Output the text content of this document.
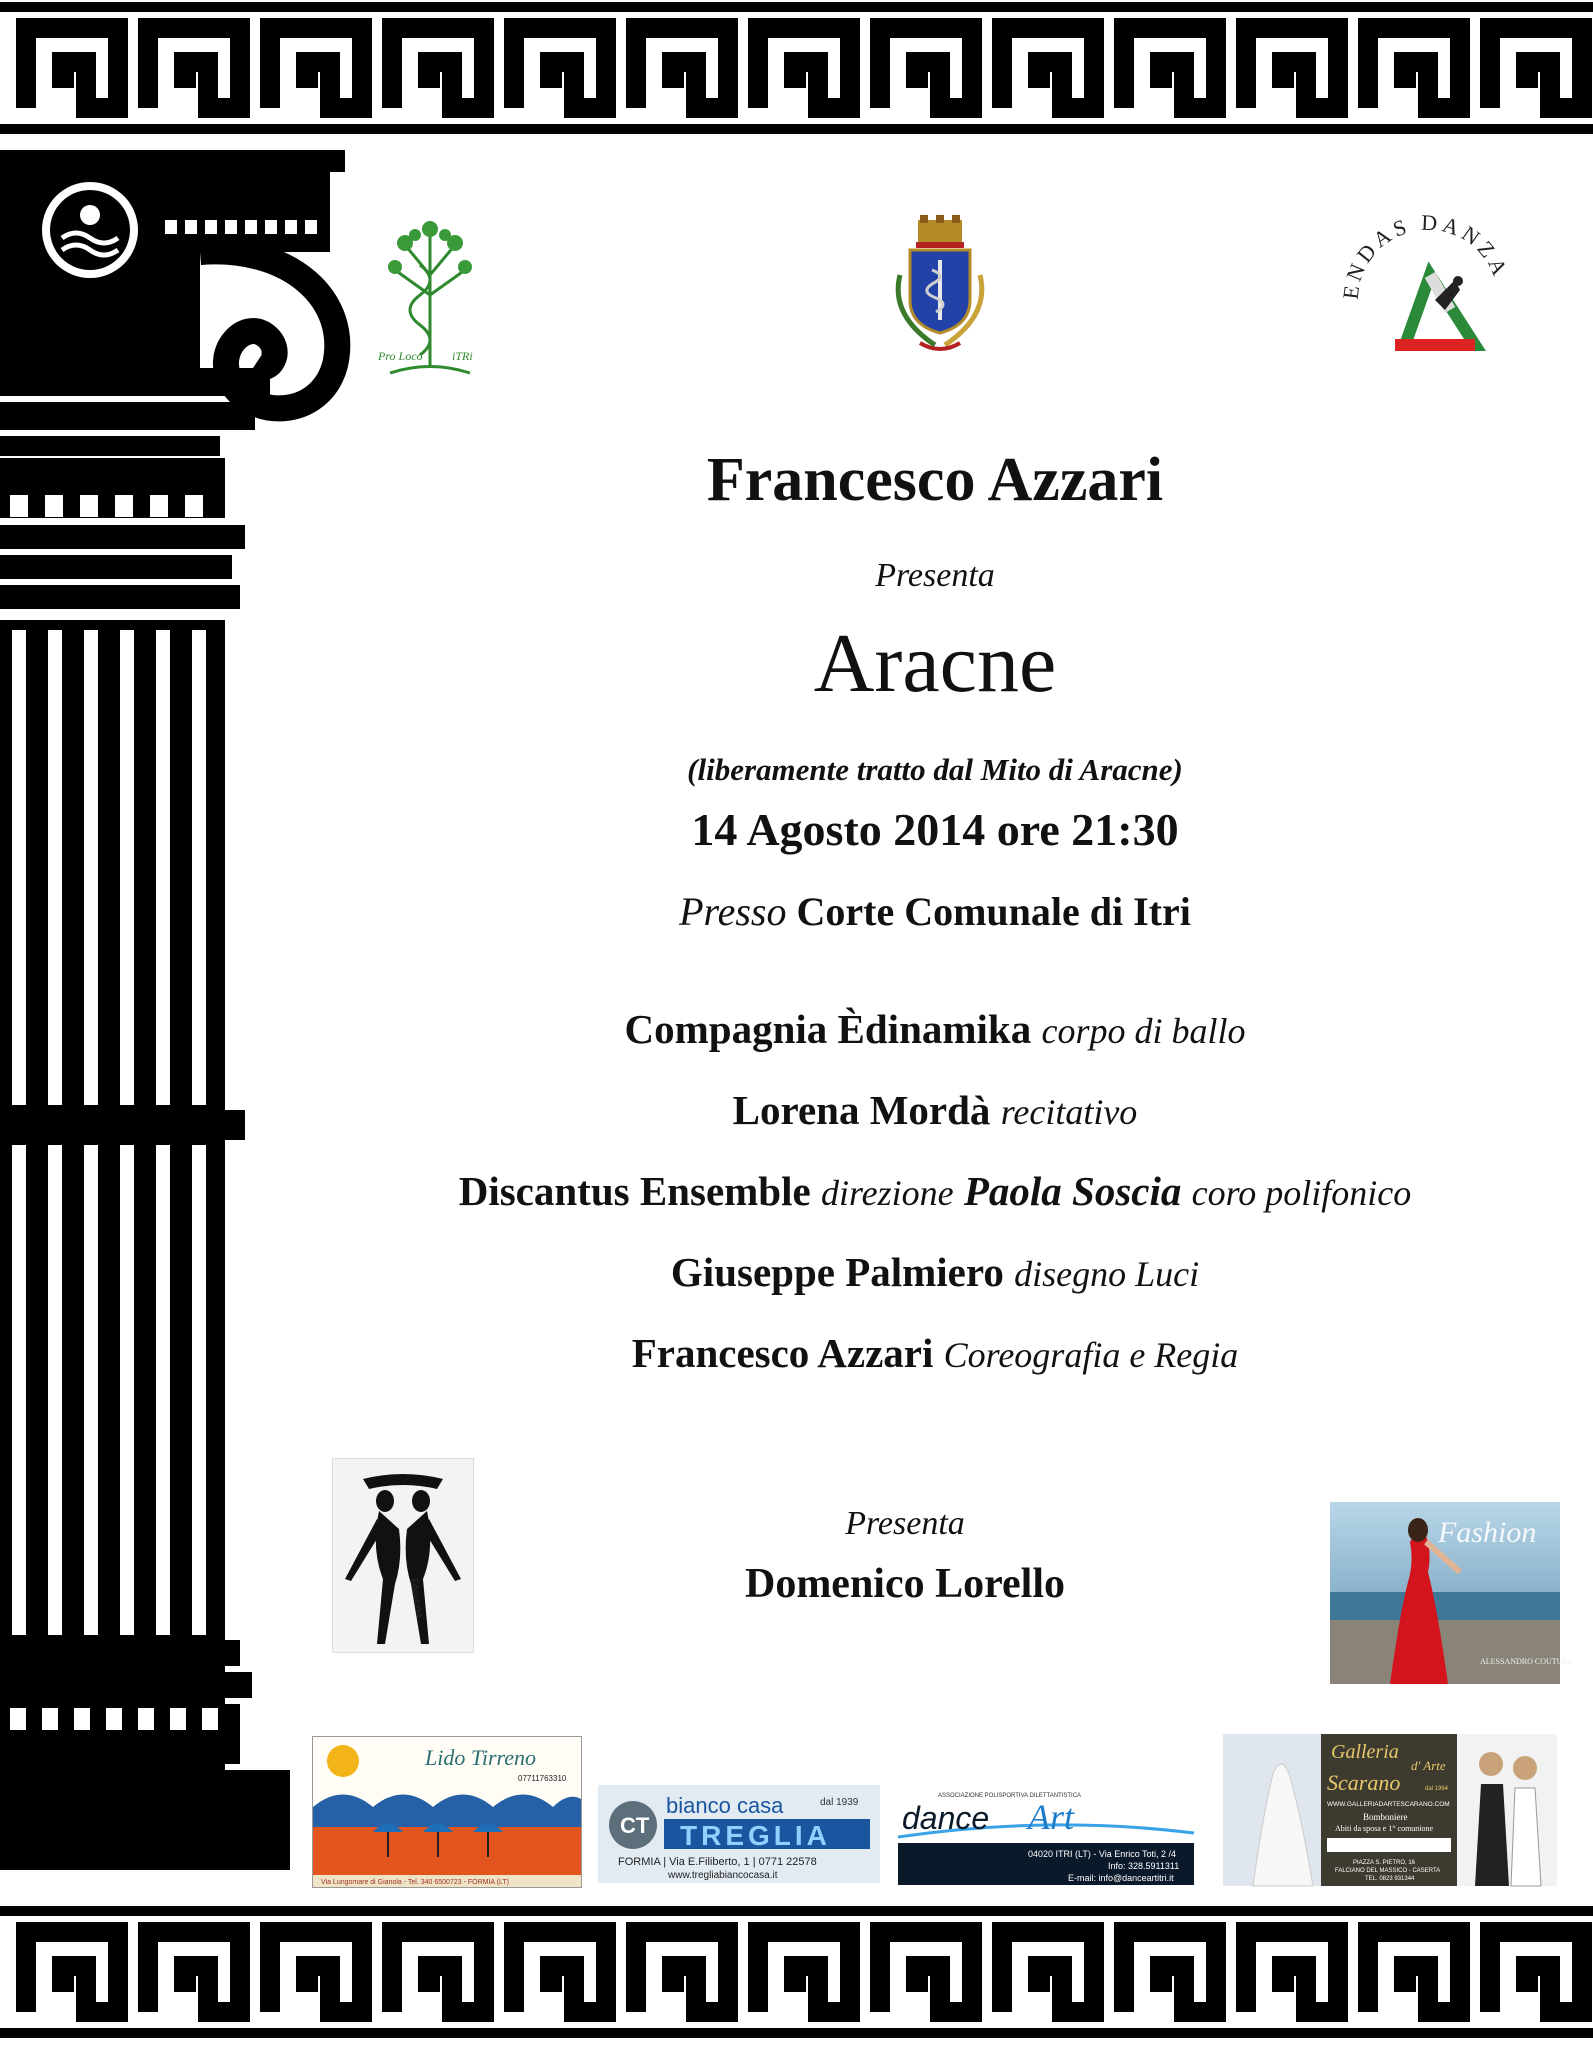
Pro Loco iTRi
ENDAS DANZA
Francesco Azzari
Presenta
Aracne
(liberamente tratto dal Mito di Aracne)
14 Agosto 2014 ore 21:30
Presso Corte Comunale di Itri
Compagnia Èdinamika corpo di ballo
Lorena Mordà recitativo
Discantus Ensemble direzione Paola Soscia coro polifonico
Giuseppe Palmiero disegno Luci
Francesco Azzari Coreografia e Regia
Presenta
Domenico Lorello
Édinamika
Fashion
ALESSANDRO COUTURE
Lido Tirreno
07711763310
Via Lungomare di Gianola - Tel. 340 6500723 - FORMIA (LT)
CT
bianco casa
TREGLIA
dal 1939
FORMIA | Via E.Filiberto, 1 | 0771 22578
www.tregliabiancocasa.it
ASSOCIAZIONE POLISPORTIVA DILETTANTISTICA
dance Art
04020 ITRI (LT) - Via Enrico Toti, 2 /4
Info: 328.5911311
E-mail: info@danceartitri.it
Galleria
d' Arte
Scarano	dal 1964
WWW.GALLERIADARTESCARANO.COM
Bomboniere
Abiti da sposa e 1° comunione
PIAZZA S. PIETRO, 16
FALCIANO DEL MASSICO - CASERTA
TEL. 0823 931344
